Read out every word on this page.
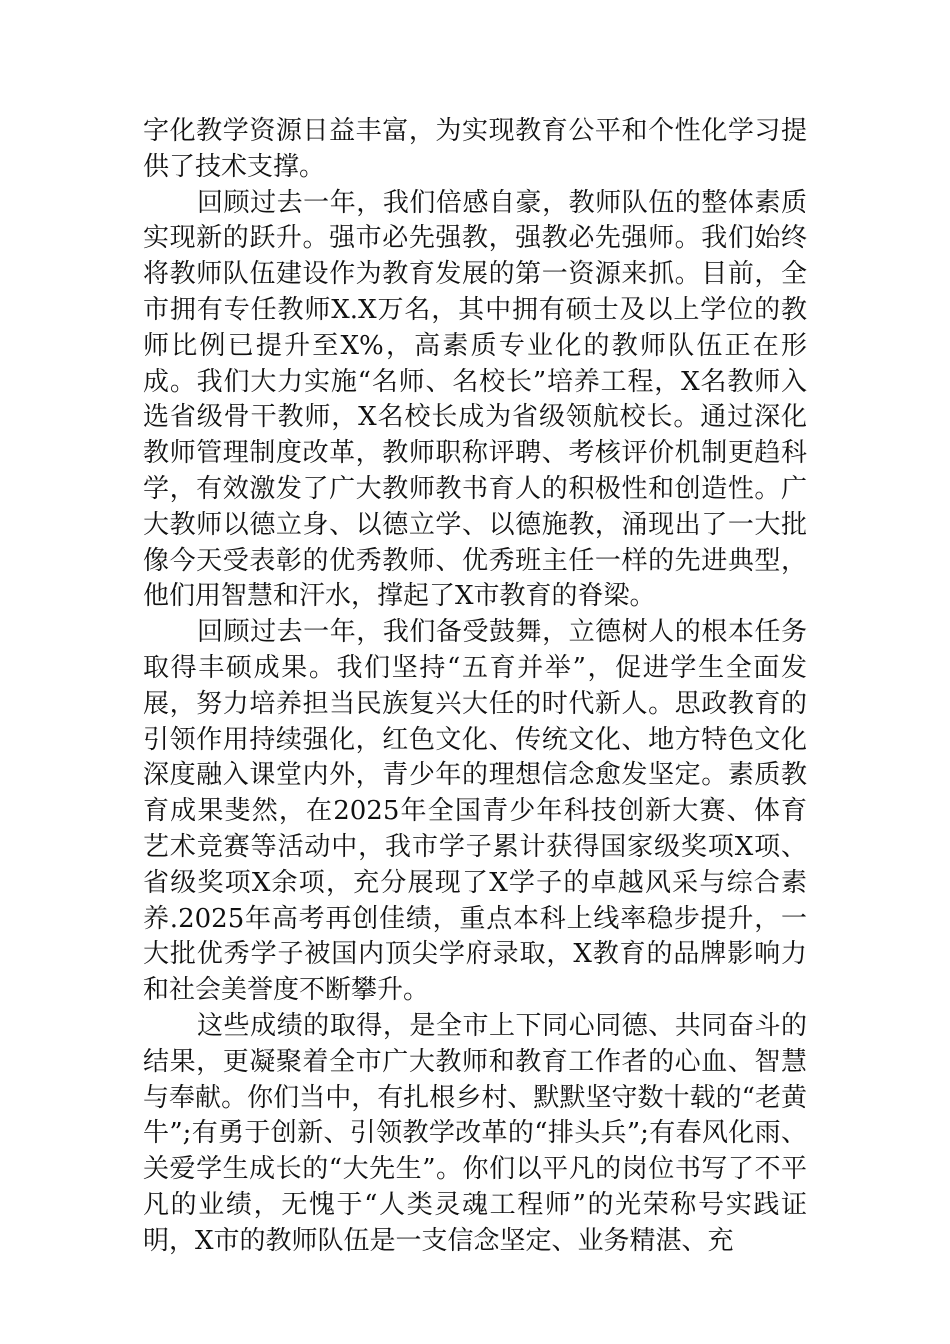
字化教学资源日益丰富，为实现教育公平和个性化学习提供了技术支撑。

回顾过去一年，我们倍感自豪，教师队伍的整体素质实现新的跃升。强市必先强教，强教必先强师。我们始终将教师队伍建设作为教育发展的第一资源来抓。目前，全市拥有专任教师X.X万名，其中拥有硕士及以上学位的教师比例已提升至X%，高素质专业化的教师队伍正在形成。我们大力实施“名师、名校长”培养工程，X名教师入选省级骨干教师，X名校长成为省级领航校长。通过深化教师管理制度改革，教师职称评聘、考核评价机制更趋科学，有效激发了广大教师教书育人的积极性和创造性。广大教师以德立身、以德立学、以德施教，涌现出了一大批像今天受表彰的优秀教师、优秀班主任一样的先进典型，他们用智慧和汗水，撑起了X市教育的脊梁。

回顾过去一年，我们备受鼓舞，立德树人的根本任务取得丰硕成果。我们坚持“五育并举”，促进学生全面发展，努力培养担当民族复兴大任的时代新人。思政教育的引领作用持续强化，红色文化、传统文化、地方特色文化深度融入课堂内外，青少年的理想信念愈发坚定。素质教育成果斐然，在2025年全国青少年科技创新大赛、体育艺术竞赛等活动中，我市学子累计获得国家级奖项X项、省级奖项X余项，充分展现了X学子的卓越风采与综合素养.2025年高考再创佳绩，重点本科上线率稳步提升，一大批优秀学子被国内顶尖学府录取，X教育的品牌影响力和社会美誉度不断攀升。

这些成绩的取得，是全市上下同心同德、共同奋斗的结果，更凝聚着全市广大教师和教育工作者的心血、智慧与奉献。你们当中，有扎根乡村、默默坚守数十载的“老黄牛”;有勇于创新、引领教学改革的“排头兵”;有春风化雨、关爱学生成长的“大先生”。你们以平凡的岗位书写了不平凡的业绩，无愧于“人类灵魂工程师”的光荣称号实践证明，X市的教师队伍是一支信念坚定、业务精湛、充
